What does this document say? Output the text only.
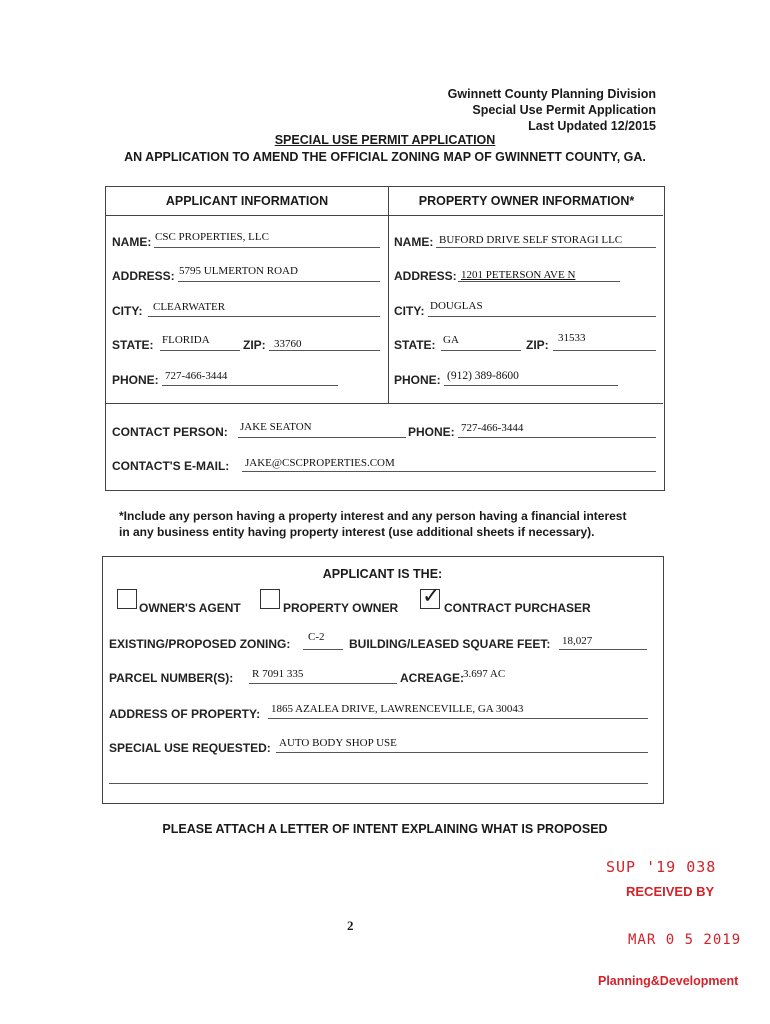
Gwinnett County Planning Division
Special Use Permit Application
Last Updated 12/2015
SPECIAL USE PERMIT APPLICATION
AN APPLICATION TO AMEND THE OFFICIAL ZONING MAP OF GWINNETT COUNTY, GA.
APPLICANT INFORMATION	PROPERTY OWNER INFORMATION*
NAME: CSC PROPERTIES, LLC
ADDRESS: 5795 ULMERTON ROAD
CITY: CLEARWATER
STATE: FLORIDA	ZIP: 33760
PHONE: 727-466-3444
NAME: BUFORD DRIVE SELF STORAGI LLC
ADDRESS: 1201 PETERSON AVE N
CITY: DOUGLAS
STATE: GA	ZIP: 31533
PHONE: (912) 389-8600
CONTACT PERSON: JAKE SEATON	PHONE: 727-466-3444
CONTACT'S E-MAIL: JAKE@CSCPROPERTIES.COM
*Include any person having a property interest and any person having a financial interest
in any business entity having property interest (use additional sheets if necessary).
APPLICANT IS THE:
OWNER'S AGENT	PROPERTY OWNER ✓ CONTRACT PURCHASER
EXISTING/PROPOSED ZONING: C-2 BUILDING/LEASED SQUARE FEET: 18,027
PARCEL NUMBER(S): R 7091 335	ACREAGE:
3.697 AC
ADDRESS OF PROPERTY: 1865 AZALEA DRIVE, LAWRENCEVILLE, GA 30043
SPECIAL USE REQUESTED: AUTO BODY SHOP USE
PLEASE ATTACH A LETTER OF INTENT EXPLAINING WHAT IS PROPOSED
2
SUP '19 038
RECEIVED BY
MAR 0 5 2019
Planning&Development
